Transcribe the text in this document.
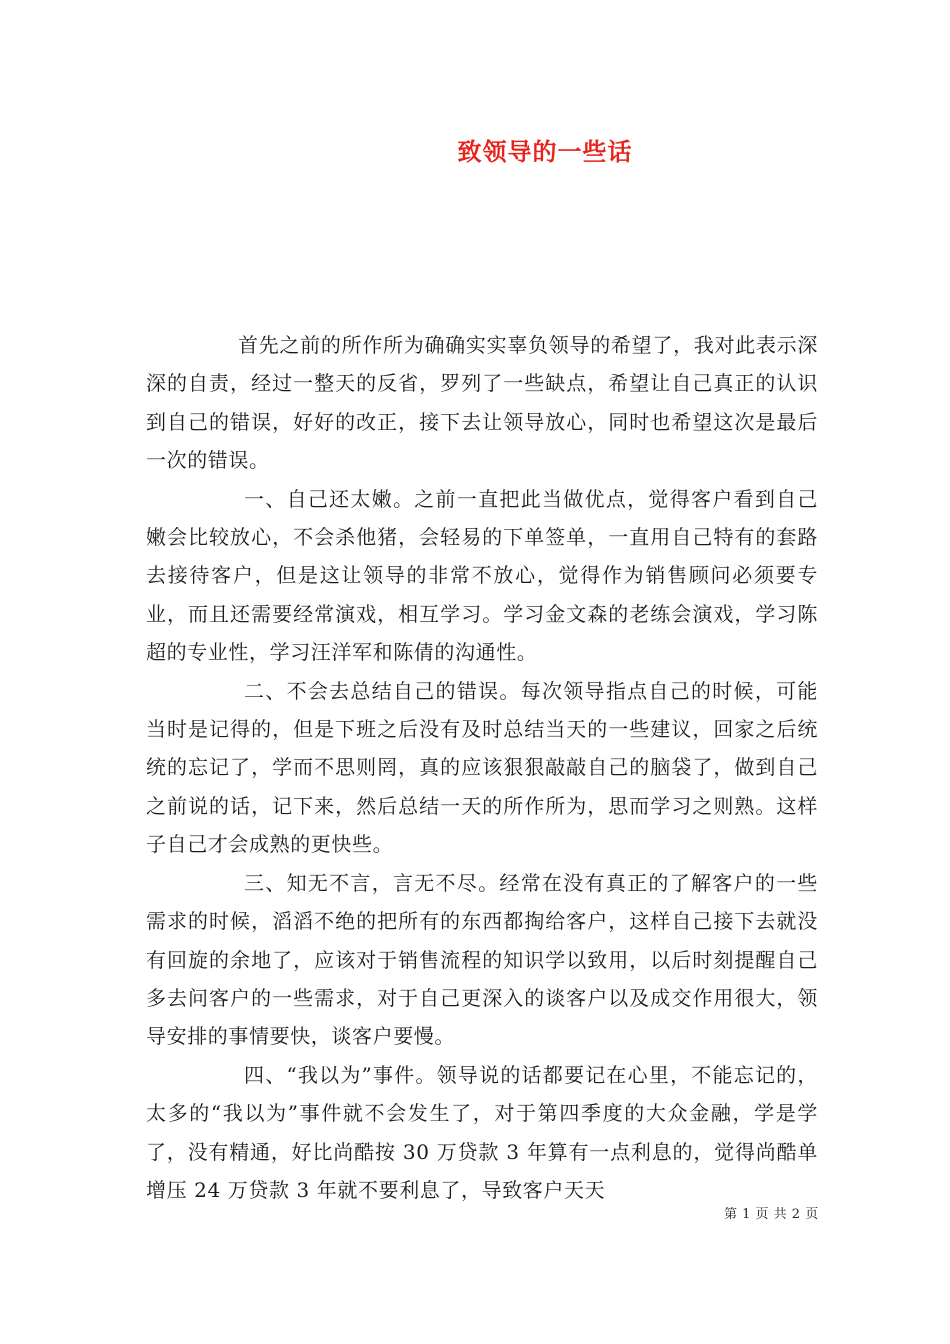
致领导的一些话

首先之前的所作所为确确实实辜负领导的希望了，我对此表示深深的自责，经过一整天的反省，罗列了一些缺点，希望让自己真正的认识到自己的错误，好好的改正，接下去让领导放心，同时也希望这次是最后一次的错误。

一、自己还太嫩。之前一直把此当做优点，觉得客户看到自己嫩会比较放心，不会杀他猪，会轻易的下单签单，一直用自己特有的套路去接待客户，但是这让领导的非常不放心，觉得作为销售顾问必须要专业，而且还需要经常演戏，相互学习。学习金文森的老练会演戏，学习陈超的专业性，学习汪洋军和陈倩的沟通性。

二、不会去总结自己的错误。每次领导指点自己的时候，可能当时是记得的，但是下班之后没有及时总结当天的一些建议，回家之后统统的忘记了，学而不思则罔，真的应该狠狠敲敲自己的脑袋了，做到自己之前说的话，记下来，然后总结一天的所作所为，思而学习之则熟。这样子自己才会成熟的更快些。

三、知无不言，言无不尽。经常在没有真正的了解客户的一些需求的时候，滔滔不绝的把所有的东西都掏给客户，这样自己接下去就没有回旋的余地了，应该对于销售流程的知识学以致用，以后时刻提醒自己多去问客户的一些需求，对于自己更深入的谈客户以及成交作用很大，领导安排的事情要快，谈客户要慢。

四、“我以为”事件。领导说的话都要记在心里，不能忘记的，太多的“我以为”事件就不会发生了，对于第四季度的大众金融，学是学了，没有精通，好比尚酷按 30 万贷款 3 年算有一点利息的，觉得尚酷单增压 24 万贷款 3 年就不要利息了，导致客户天天

第 1 页 共 2 页
